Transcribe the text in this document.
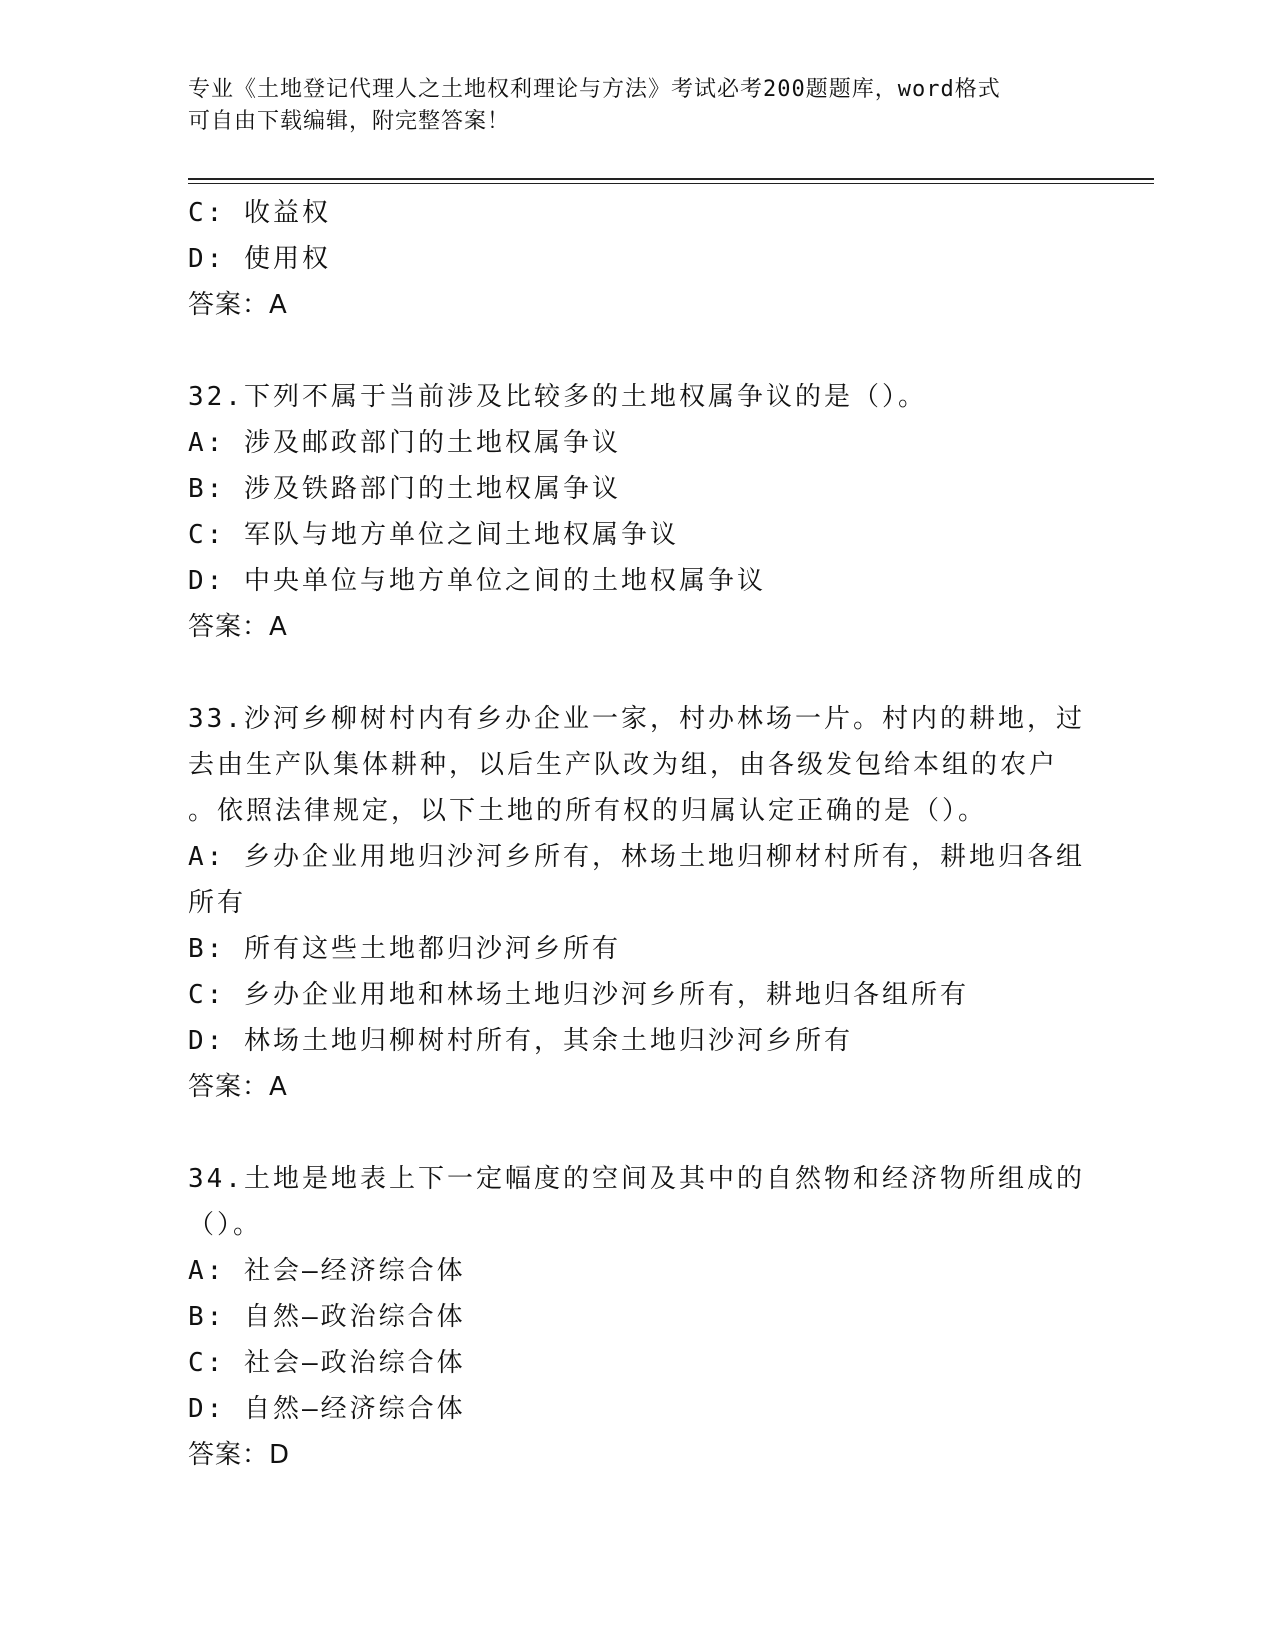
专业《土地登记代理人之土地权利理论与方法》考试必考200题题库，word格式
可自由下载编辑，附完整答案！
C: 收益权
D: 使用权
答案：A
32.下列不属于当前涉及比较多的土地权属争议的是（）。
A: 涉及邮政部门的土地权属争议
B: 涉及铁路部门的土地权属争议
C: 军队与地方单位之间土地权属争议
D: 中央单位与地方单位之间的土地权属争议
答案：A
33.沙河乡柳树村内有乡办企业一家，村办林场一片。村内的耕地，过
去由生产队集体耕种，以后生产队改为组，由各级发包给本组的农户
。依照法律规定，以下土地的所有权的归属认定正确的是（）。
A: 乡办企业用地归沙河乡所有，林场土地归柳材村所有，耕地归各组
所有
B: 所有这些土地都归沙河乡所有
C: 乡办企业用地和林场土地归沙河乡所有，耕地归各组所有
D: 林场土地归柳树村所有，其余土地归沙河乡所有
答案：A
34.土地是地表上下一定幅度的空间及其中的自然物和经济物所组成的
（）。
A: 社会—经济综合体
B: 自然—政治综合体
C: 社会—政治综合体
D: 自然—经济综合体
答案：D
